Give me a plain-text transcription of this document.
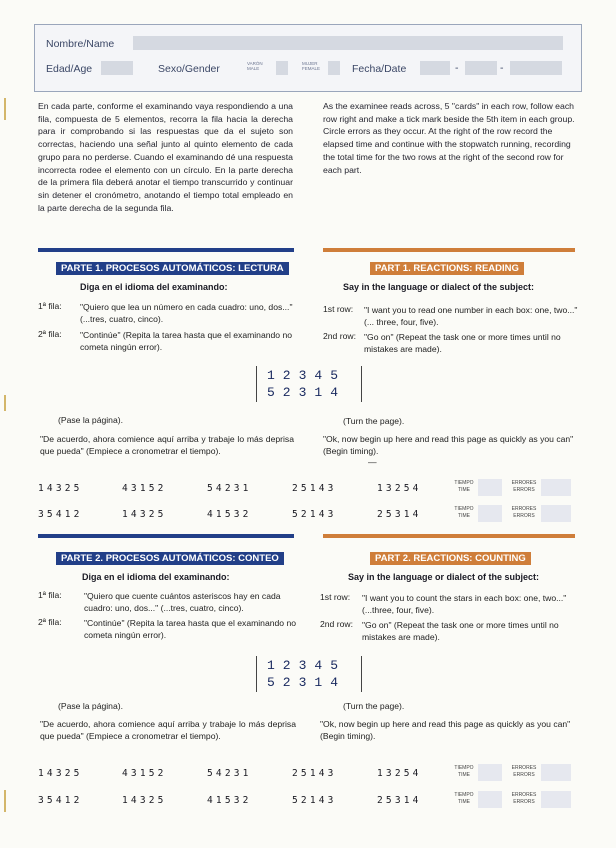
Nombre/Name
Edad/Age	Sexo/Gender	VARÓN
MALE
MUJER
FEMALE	Fecha/Date	-	-
En cada parte, conforme el examinando vaya respondiendo a una fila, compuesta de 5 elementos, recorra la fila hacia la derecha para ir comprobando si las respuestas que da el sujeto son correctas, haciendo una señal junto al quinto elemento de cada grupo para no perderse. Cuando el examinando dé una respuesta incorrecta rodee el elemento con un círculo. En la parte derecha de la primera fila deberá anotar el tiempo transcurrido y continuar sin detener el cronómetro, anotando el tiempo total empleado en la parte derecha de la segunda fila.
As the examinee reads across, 5 "cards" in each row, follow each row right and make a tick mark beside the 5th item in each group. Circle errors as they occur. At the right of the row record the elapsed time and continue with the stopwatch running, recording the total time for the two rows at the right of the second row for each part.
PARTE 1. PROCESOS AUTOMÁTICOS: LECTURA	PART 1. REACTIONS: READING
Diga en el idioma del examinando:	Say in the language or dialect of the subject:
1ª fila: "Quiero que lea un número en cada cuadro: uno, dos..." (...tres, cuatro, cinco).
2ª fila: "Continúe" (Repita la tarea hasta que el examinando no cometa ningún error).
1st row: "I want you to read one number in each box: one, two..." (... three, four, five).
2nd row: "Go on" (Repeat the task one or more times until no mistakes are made).
12345
52314
(Pase la página).	(Turn the page).
"De acuerdo, ahora comience aquí arriba y trabaje lo más deprisa que pueda" (Empiece a cronometrar el tiempo).
"Ok, now begin up here and read this page as quickly as you can" (Begin timing).
—
14325	43152	54231	25143	13254	TIEMPO
TIME
ERRORES
ERRORS
35412	14325	41532	52143	25314	TIEMPO
TIME
ERRORES
ERRORS
PARTE 2. PROCESOS AUTOMÁTICOS: CONTEO	PART 2. REACTIONS: COUNTING
Diga en el idioma del examinando:	Say in the language or dialect of the subject:
1ª fila:	"Quiero que cuente cuántos asteriscos hay en cada cuadro: uno, dos..." (...tres, cuatro, cinco).
2ª fila:	"Continúe" (Repita la tarea hasta que el examinando no cometa ningún error).
1st row: "I want you to count the stars in each box: one, two..." (...three, four, five).
2nd row: "Go on" (Repeat the task one or more times until no mistakes are made).
12345
52314
(Pase la página).	(Turn the page).
"De acuerdo, ahora comience aquí arriba y trabaje lo más deprisa que pueda" (Empiece a cronometrar el tiempo).
"Ok, now begin up here and read this page as quickly as you can" (Begin timing).
14325	43152	54231	25143	13254	TIEMPO
TIME
ERRORES
ERRORS
35412	14325	41532	52143	25314	TIEMPO
TIME
ERRORES
ERRORS
